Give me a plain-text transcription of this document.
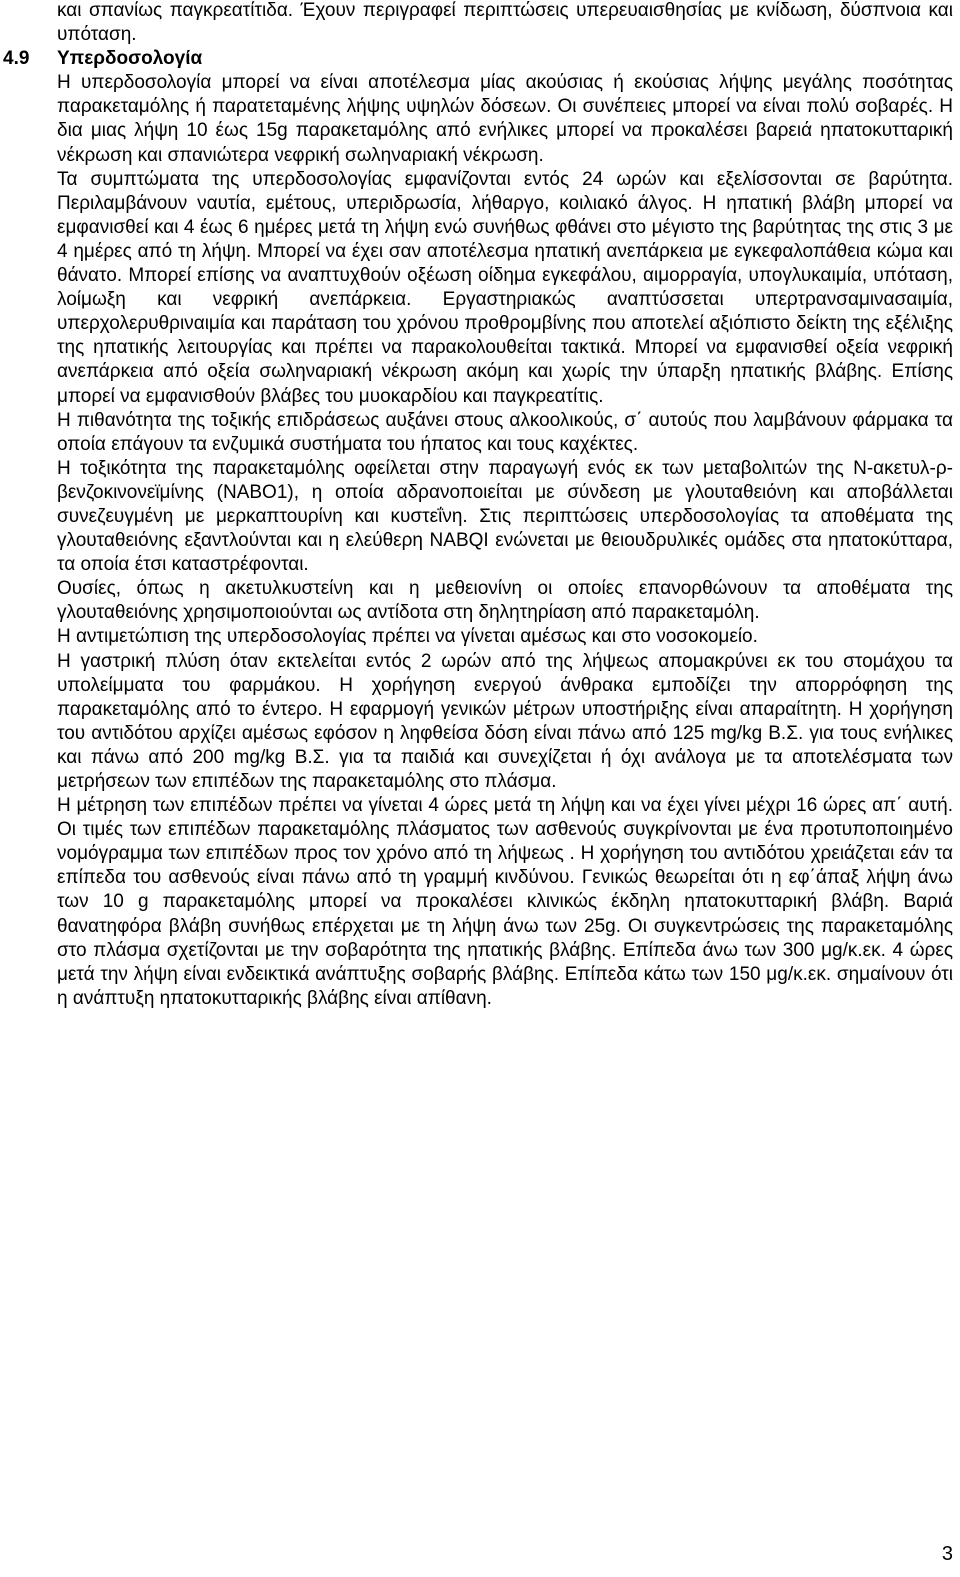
και σπανίως παγκρεατίτιδα. Έχουν περιγραφεί περιπτώσεις υπερευαισθησίας με κνίδωση, δύσπνοια και υπόταση.

4.9 Υπερδοσολογία

Η υπερδοσολογία μπορεί να είναι αποτέλεσμα μίας ακούσιας ή εκούσιας λήψης μεγάλης ποσότητας παρακεταμόλης ή παρατεταμένης λήψης υψηλών δόσεων. Οι συνέπειες μπορεί να είναι πολύ σοβαρές. Η δια μιας λήψη 10 έως 15g παρακεταμόλης από ενήλικες μπορεί να προκαλέσει βαρειά ηπατοκυτταρική νέκρωση και σπανιώτερα νεφρική σωληναριακή νέκρωση.

Τα συμπτώματα της υπερδοσολογίας εμφανίζονται εντός 24 ωρών και εξελίσσονται σε βαρύτητα. Περιλαμβάνουν ναυτία, εμέτους, υπεριδρωσία, λήθαργο, κοιλιακό άλγος. Η ηπατική βλάβη μπορεί να εμφανισθεί και 4 έως 6 ημέρες μετά τη λήψη ενώ συνήθως φθάνει στο μέγιστο της βαρύτητας της στις 3 με 4 ημέρες από τη λήψη. Μπορεί να έχει σαν αποτέλεσμα ηπατική ανεπάρκεια με εγκεφαλοπάθεια κώμα και θάνατο. Μπορεί επίσης να αναπτυχθούν οξέωση οίδημα εγκεφάλου, αιμορραγία, υπογλυκαιμία, υπόταση, λοίμωξη και νεφρική ανεπάρκεια. Εργαστηριακώς αναπτύσσεται υπερτρανσαμινασαιμία, υπερχολερυθριναιμία και παράταση του χρόνου προθρομβίνης που αποτελεί αξιόπιστο δείκτη της εξέλιξης της ηπατικής λειτουργίας και πρέπει να παρακολουθείται τακτικά. Μπορεί να εμφανισθεί οξεία νεφρική ανεπάρκεια από οξεία σωληναριακή νέκρωση ακόμη και χωρίς την ύπαρξη ηπατικής βλάβης. Επίσης μπορεί να εμφανισθούν βλάβες του μυοκαρδίου και παγκρεατίτις.

Η πιθανότητα της τοξικής επιδράσεως αυξάνει στους αλκοολικούς, σ΄ αυτούς που λαμβάνουν φάρμακα τα οποία επάγουν τα ενζυμικά συστήματα του ήπατος και τους καχέκτες.

Η τοξικότητα της παρακεταμόλης οφείλεται στην παραγωγή ενός εκ των μεταβολιτών της Ν-ακετυλ-ρ-βενζοκινονεϊμίνης (ΝΑΒΟ1), η οποία αδρανοποιείται με σύνδεση με γλουταθειόνη και αποβάλλεται συνεζευγμένη με μερκαπτουρίνη και κυστεΐνη. Στις περιπτώσεις υπερδοσολογίας τα αποθέματα της γλουταθειόνης εξαντλούνται και η ελεύθερη NABQI ενώνεται με θειουδρυλικές ομάδες στα ηπατοκύτταρα, τα οποία έτσι καταστρέφονται.

Ουσίες, όπως η ακετυλκυστείνη και η μεθειονίνη οι οποίες επανορθώνουν τα αποθέματα της γλουταθειόνης χρησιμοποιούνται ως αντίδοτα στη δηλητηρίαση από παρακεταμόλη.

Η αντιμετώπιση της υπερδοσολογίας πρέπει να γίνεται αμέσως και στο νοσοκομείο.

Η γαστρική πλύση όταν εκτελείται εντός 2 ωρών από της λήψεως απομακρύνει εκ του στομάχου τα υπολείμματα του φαρμάκου. Η χορήγηση ενεργού άνθρακα εμποδίζει την απορρόφηση της παρακεταμόλης από το έντερο. Η εφαρμογή γενικών μέτρων υποστήριξης είναι απαραίτητη. Η χορήγηση του αντιδότου αρχίζει αμέσως εφόσον η ληφθείσα δόση είναι πάνω από 125 mg/kg Β.Σ. για τους ενήλικες και πάνω από 200 mg/kg Β.Σ. για τα παιδιά και συνεχίζεται ή όχι ανάλογα με τα αποτελέσματα των μετρήσεων των επιπέδων της παρακεταμόλης στο πλάσμα.

Η μέτρηση των επιπέδων πρέπει να γίνεται 4 ώρες μετά τη λήψη και να έχει γίνει μέχρι 16 ώρες απ΄ αυτή. Οι τιμές των επιπέδων παρακεταμόλης πλάσματος των ασθενούς συγκρίνονται με ένα προτυποποιημένο νομόγραμμα των επιπέδων προς τον χρόνο από τη λήψεως . Η χορήγηση του αντιδότου χρειάζεται εάν τα επίπεδα του ασθενούς είναι πάνω από τη γραμμή κινδύνου. Γενικώς θεωρείται ότι η εφ΄άπαξ λήψη άνω των 10 g παρακεταμόλης μπορεί να προκαλέσει κλινικώς έκδηλη ηπατοκυτταρική βλάβη. Βαριά θανατηφόρα βλάβη συνήθως επέρχεται με τη λήψη άνω των 25g. Οι συγκεντρώσεις της παρακεταμόλης στο πλάσμα σχετίζονται με την σοβαρότητα της ηπατικής βλάβης. Επίπεδα άνω των 300 μg/κ.εκ. 4 ώρες μετά την λήψη είναι ενδεικτικά ανάπτυξης σοβαρής βλάβης. Επίπεδα κάτω των 150 μg/κ.εκ. σημαίνουν ότι η ανάπτυξη ηπατοκυτταρικής βλάβης είναι απίθανη.

3
